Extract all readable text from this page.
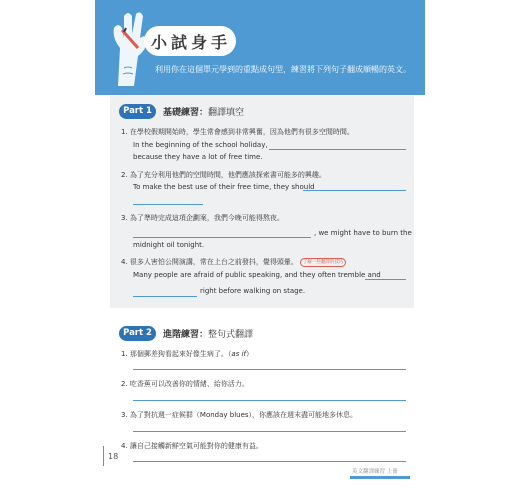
小試身手
利用你在這個單元學到的重點成句型，練習將下列句子翻成順暢的英文。
Part 1	基礎練習：翻譯填空
1. 在學校假期開始時，學生常會感到非常興奮，因為他們有很多空閒時間。
In the beginning of the school holiday,
because they have a lot of free time.
2. 為了充分利用他們的空閒時間，他們應該探索書可能多的興趣。
To make the best use of their free time, they should
3. 為了準時完成這項企劃案，我們今晚可能得熬夜。
, we might have to burn the
midnight oil tonight.
4. 很多人害怕公開演講，常在上台之前發抖，覺得頭暈。 了解一些翻譯的技巧
Many people are afraid of public speaking, and they often tremble and
right before walking on stage.
Part 2	進階練習：整句式翻譯
1. 那個郵差狗看起來好像生病了。（as if）
2. 吃香蕉可以改善你的情緒、給你活力。
3. 為了對抗週一症候群（Monday blues），你應該在週末盡可能地多休息。
4. 讓自己接觸新鮮空氣可能對你的健康有益。
18
英文翻譯練習 上冊
